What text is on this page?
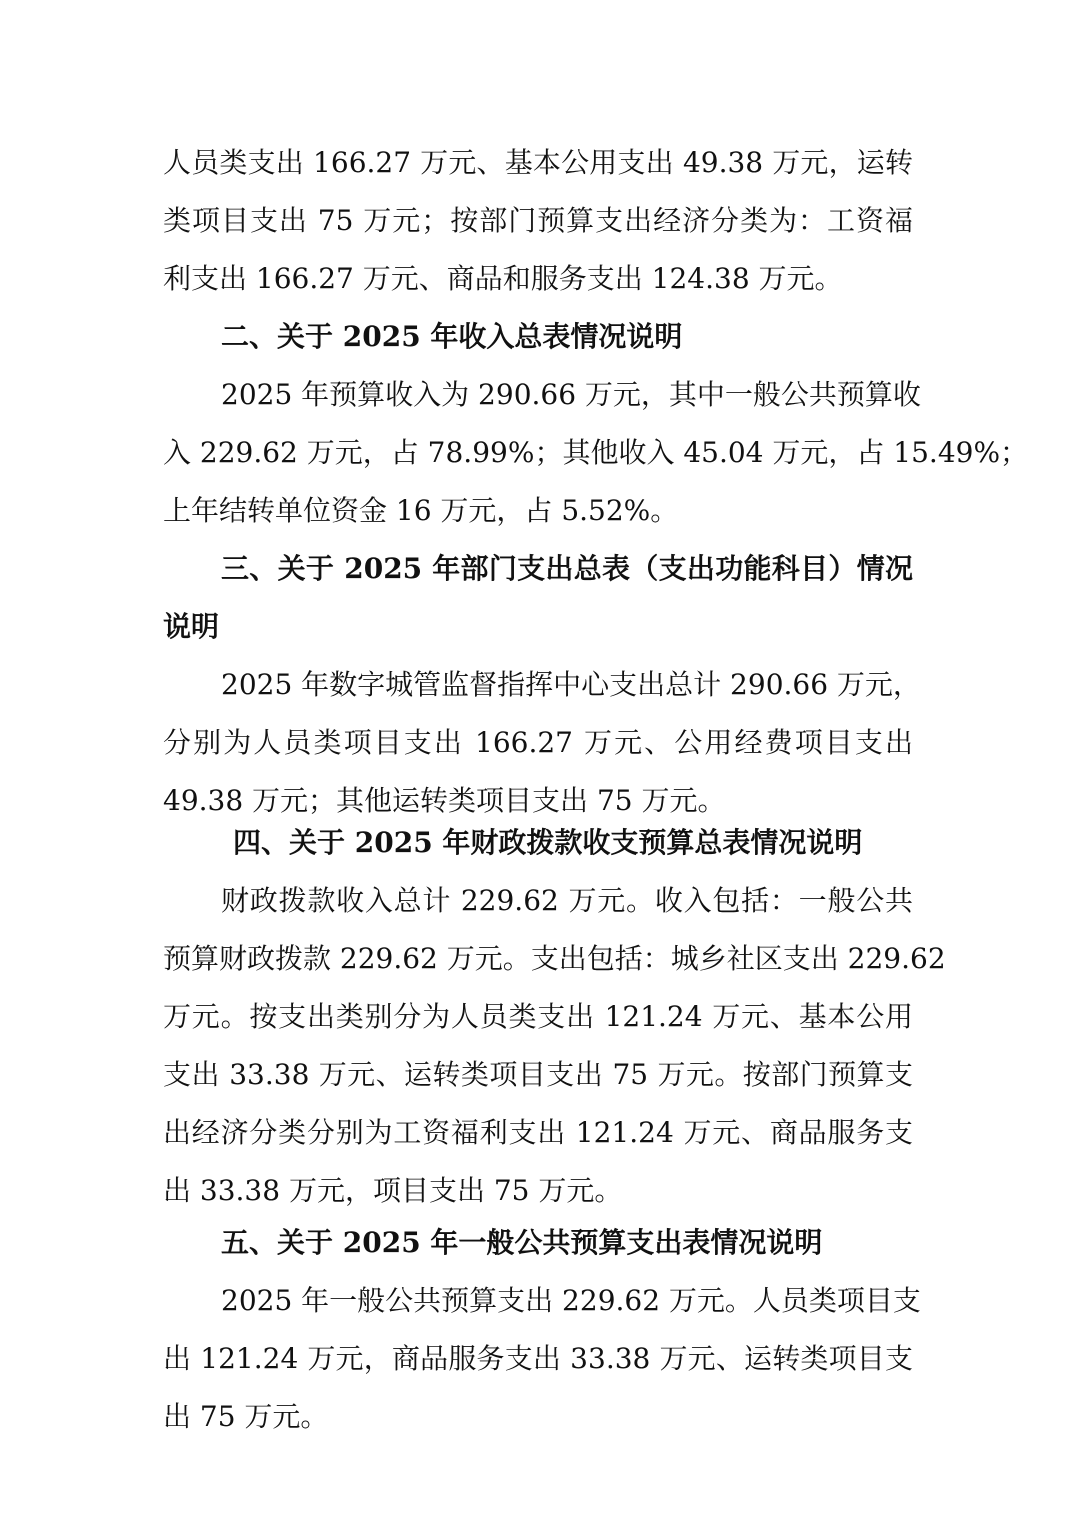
人员类支出 166.27 万元、基本公用支出 49.38 万元，运转
类项目支出 75 万元；按部门预算支出经济分类为：工资福
利支出 166.27 万元、商品和服务支出 124.38 万元。
二、关于 2025 年收入总表情况说明
2025 年预算收入为 290.66 万元，其中一般公共预算收
入 229.62 万元，占 78.99%；其他收入 45.04 万元，占 15.49%；
上年结转单位资金 16 万元，占 5.52%。
三、关于 2025 年部门支出总表（支出功能科目）情况
说明
2025 年数字城管监督指挥中心支出总计 290.66 万元，
分别为人员类项目支出 166.27 万元、公用经费项目支出
49.38 万元；其他运转类项目支出 75 万元。
四、关于 2025 年财政拨款收支预算总表情况说明
财政拨款收入总计 229.62 万元。收入包括：一般公共
预算财政拨款 229.62 万元。支出包括：城乡社区支出 229.62
万元。按支出类别分为人员类支出 121.24 万元、基本公用
支出 33.38 万元、运转类项目支出 75 万元。按部门预算支
出经济分类分别为工资福利支出 121.24 万元、商品服务支
出 33.38 万元，项目支出 75 万元。
五、关于 2025 年一般公共预算支出表情况说明
2025 年一般公共预算支出 229.62 万元。人员类项目支
出 121.24 万元，商品服务支出 33.38 万元、运转类项目支
出 75 万元。
